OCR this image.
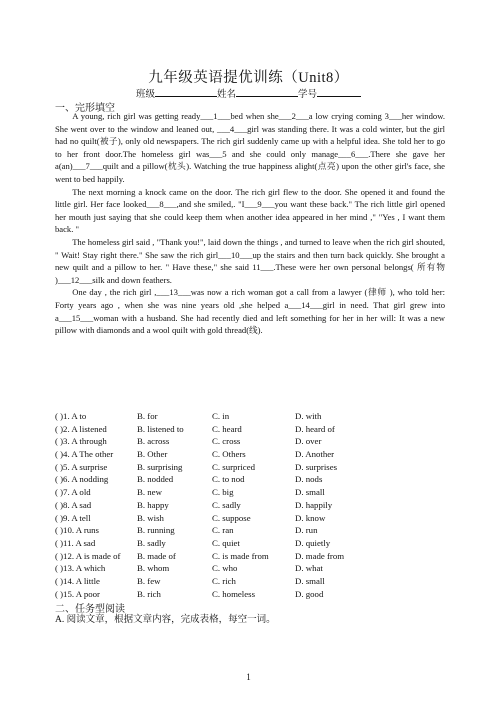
九年级英语提优训练（Unit8）
班级	姓名	学号
一、完形填空

A young, rich girl was getting ready___1___bed when she___2___a low crying coming 3___her window. She went over to the window and leaned out, ___4___girl was standing there. It was a cold winter, but the girl had no quilt(被子), only old newspapers. The rich girl suddenly came up with a helpful idea. She told her to go to her front door.The homeless girl was___5 and she could only manage___6___.There she gave her a(an)___7___quilt and a pillow(枕头). Watching the true happiness alight(点亮) upon the other girl's face, she went to bed happily.

The next morning a knock came on the door. The rich girl flew to the door. She opened it and found the little girl. Her face looked___8___,and she smiled,. "I___9___you want these back." The rich little girl opened her mouth just saying that she could keep them when another idea appeared in her mind ," "Yes , I want them back. "

The homeless girl said , "Thank you!", laid down the things , and turned to leave when the rich girl shouted, " Wait! Stay right there." She saw the rich girl___10___up the stairs and then turn back quickly. She brought a new quilt and a pillow to her. " Have these," she said 11___.These were her own personal belongs( 所有物 )___12___silk and down feathers.

One day , the rich girl ,___13___was now a rich woman got a call from a lawyer (律师 ), who told her: Forty years ago , when she was nine years old ,she helped a___14___girl in need. That girl grew into a___15___woman with a husband. She had recently died and left something for her in her will: It was a new pillow with diamonds and a wool quilt with gold thread(线).

( )1. A to	B. for	C. in	D. with
( )2. A listened	B. listened to	C. heard	D. heard of
( )3. A through	B. across	C. cross	D. over
( )4. A The other	B. Other	C. Others	D. Another
( )5. A surprise	B. surprising	C. surpriced	D. surprises
( )6. A nodding	B. nodded	C. to nod	D. nods
( )7. A old	B. new	C. big	D. small
( )8. A sad	B. happy	C. sadly	D. happily
( )9. A tell	B. wish	C. suppose	D. know
( )10. A runs	B. running	C. ran	D. run
( )11. A sad	B. sadly	C. quiet	D. quietly
( )12. A is made of	B. made of	C. is made from	D. made from
( )13. A which	B. whom	C. who	D. what
( )14. A little	B. few	C. rich	D. small
( )15. A poor	B. rich	C. homeless	D. good
二、任务型阅读
A. 阅读文章，根据文章内容，完成表格，每空一词。
1
